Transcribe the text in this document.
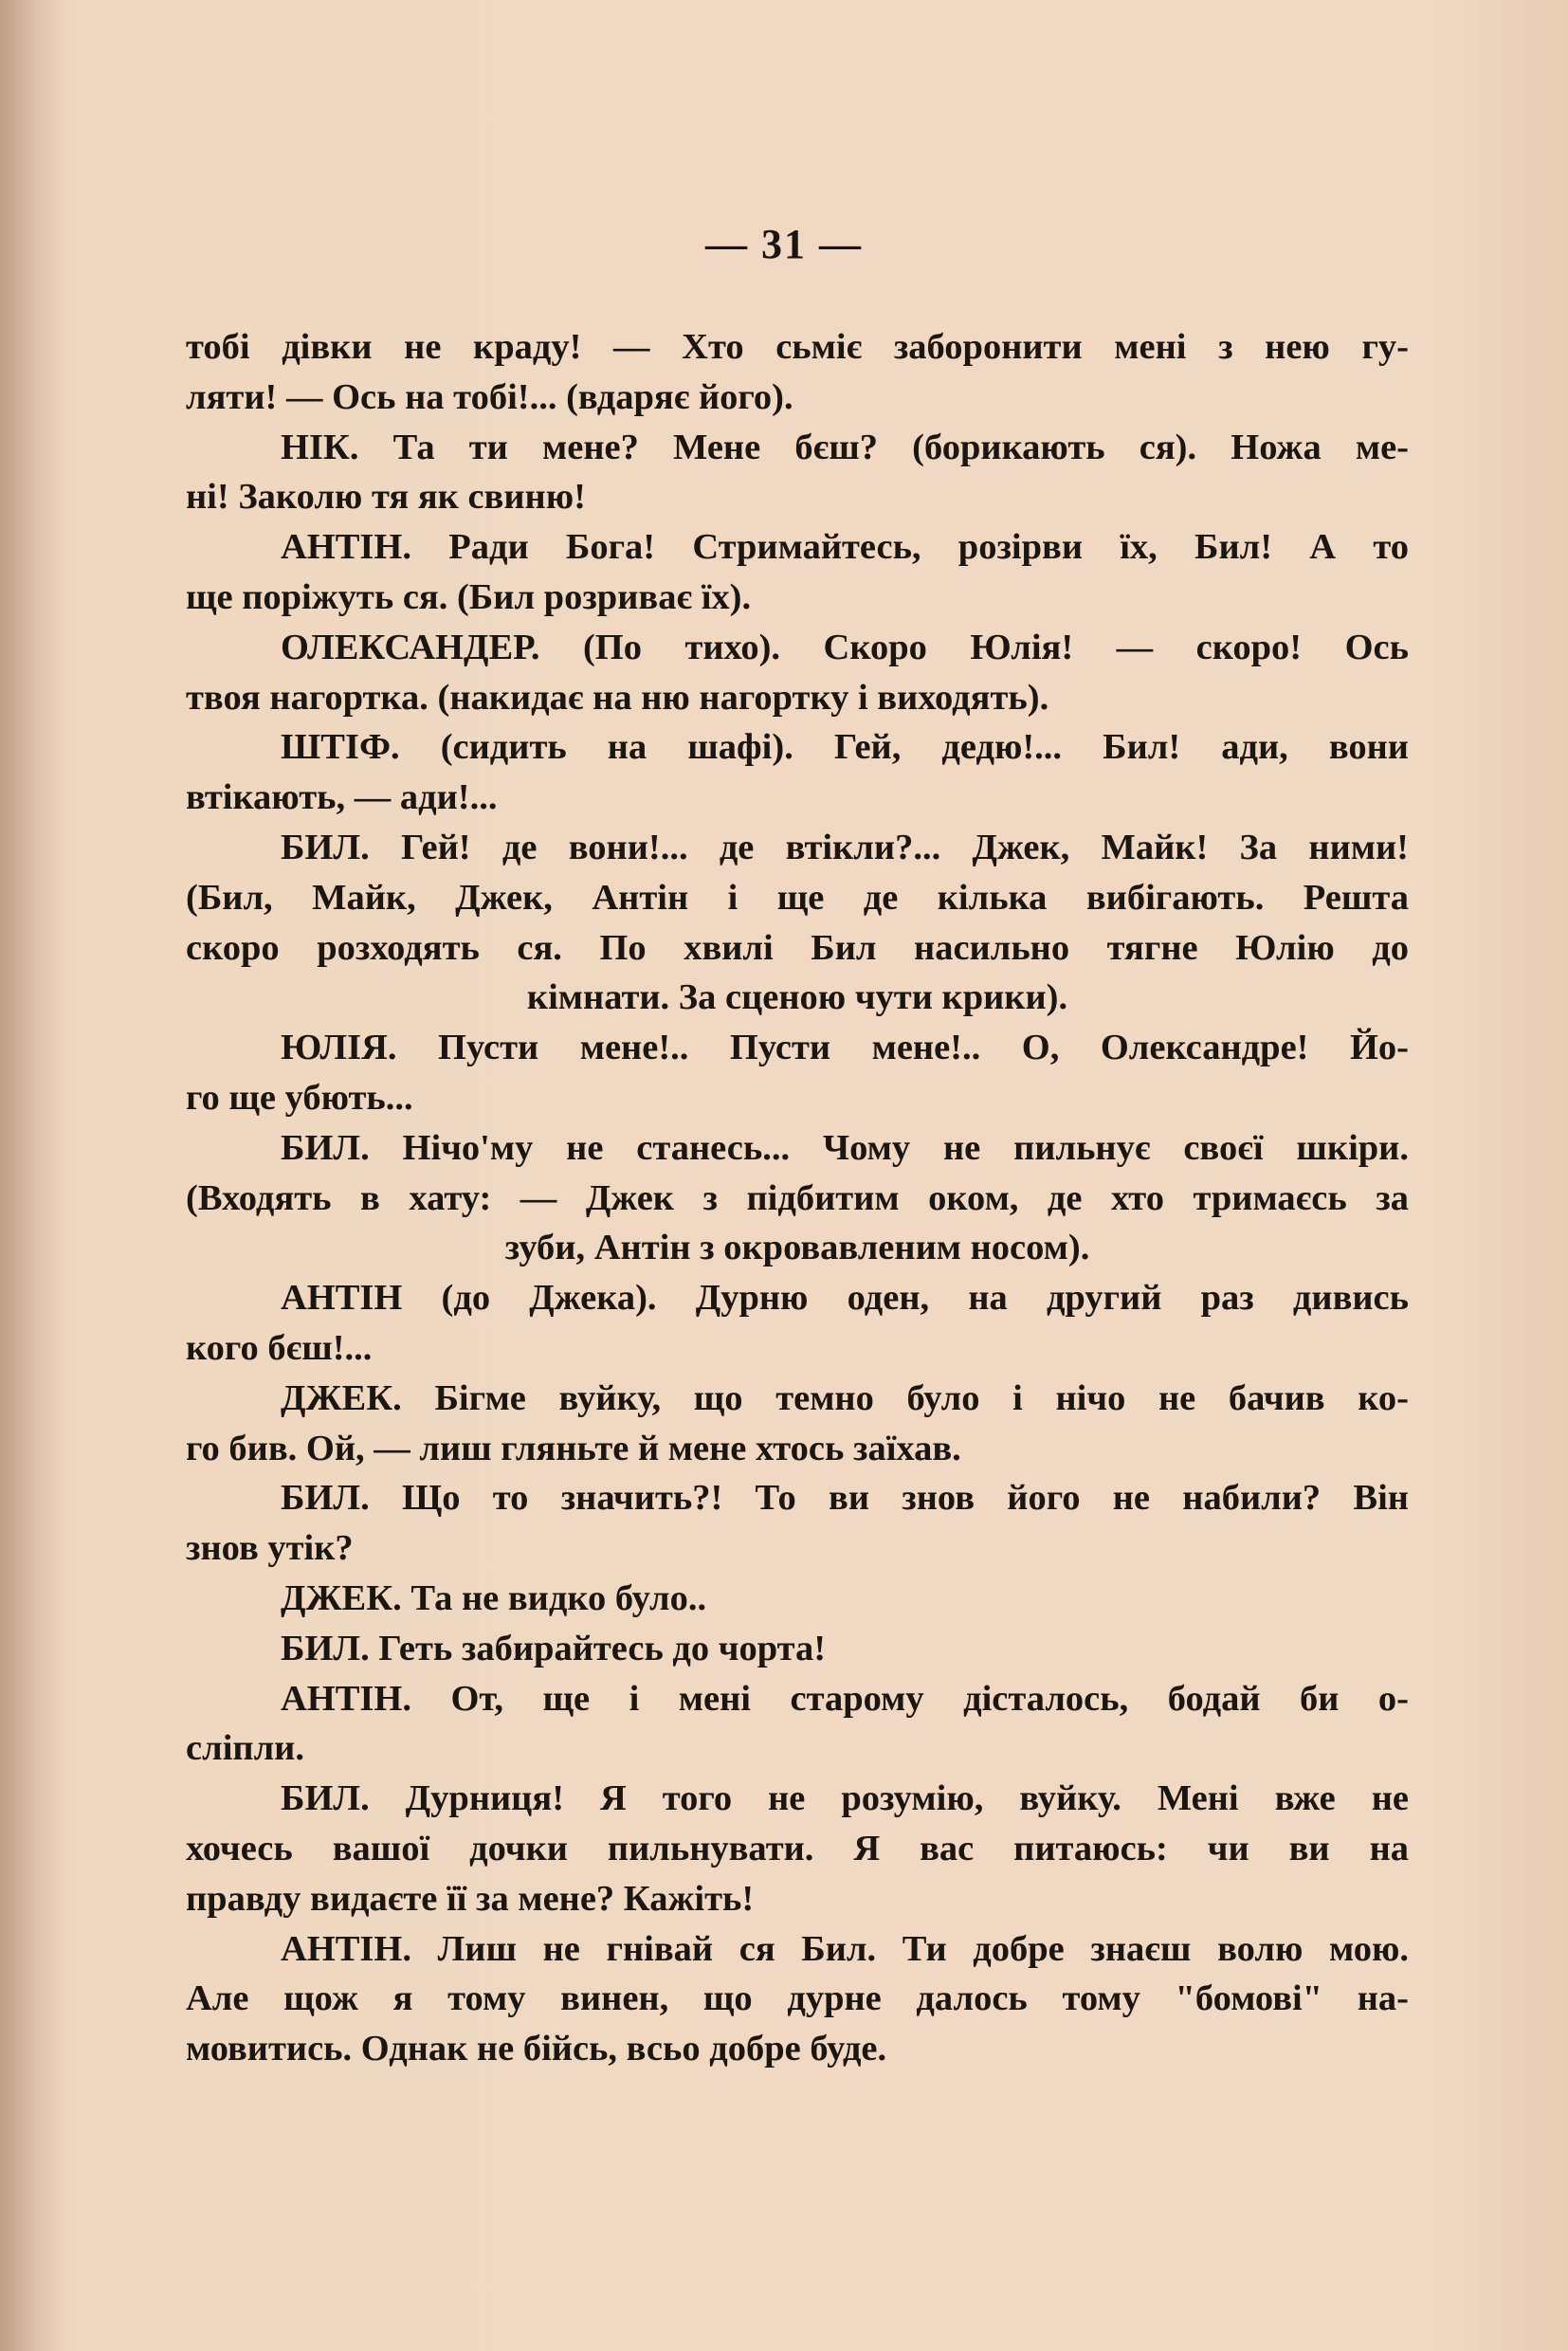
— 31 —
тобі дівки не краду! — Хто сьміє заборонити мені з нею гу-
ляти! — Ось на тобі!... (вдаряє його).
НІК. Та ти мене? Мене бєш? (борикають ся). Ножа ме-
ні! Заколю тя як свиню!
АНТІН. Ради Бога! Стримайтесь, розірви їх, Бил! А то
ще поріжуть ся. (Бил розриває їх).
ОЛЕКСАНДЕР. (По тихо). Скоро Юлія! — скоро! Ось
твоя нагортка. (накидає на ню нагортку і виходять).
ШТІФ. (сидить на шафі). Гей, дедю!... Бил! ади, вони
втікають, — ади!...
БИЛ. Гей! де вони!... де втікли?... Джек, Майк! За ними!
(Бил, Майк, Джек, Антін і ще де кілька вибігають. Решта
скоро розходять ся. По хвилі Бил насильно тягне Юлію до
кімнати. За сценою чути крики).
ЮЛІЯ. Пусти мене!.. Пусти мене!.. О, Олександре! Йо-
го ще убють...
БИЛ. Нічо'му не станесь... Чому не пильнує своєї шкіри.
(Входять в хату: — Джек з підбитим оком, де хто тримаєсь за
зуби, Антін з окровавленим носом).
АНТІН (до Джека). Дурню оден, на другий раз дивись
кого бєш!...
ДЖЕК. Бігме вуйку, що темно було і нічо не бачив ко-
го бив. Ой, — лиш гляньте й мене хтось заїхав.
БИЛ. Що то значить?! То ви знов його не набили? Він
знов утік?
ДЖЕК. Та не видко було..
БИЛ. Геть забирайтесь до чорта!
АНТІН. От, ще і мені старому дісталось, бодай би о-
сліпли.
БИЛ. Дурниця! Я того не розумію, вуйку. Мені вже не
хочесь вашої дочки пильнувати. Я вас питаюсь: чи ви на
правду видаєте її за мене? Кажіть!
АНТІН. Лиш не гнівай ся Бил. Ти добре знаєш волю мою.
Але щож я тому винен, що дурне далось тому "бомові" на-
мовитись. Однак не бійсь, всьо добре буде.
